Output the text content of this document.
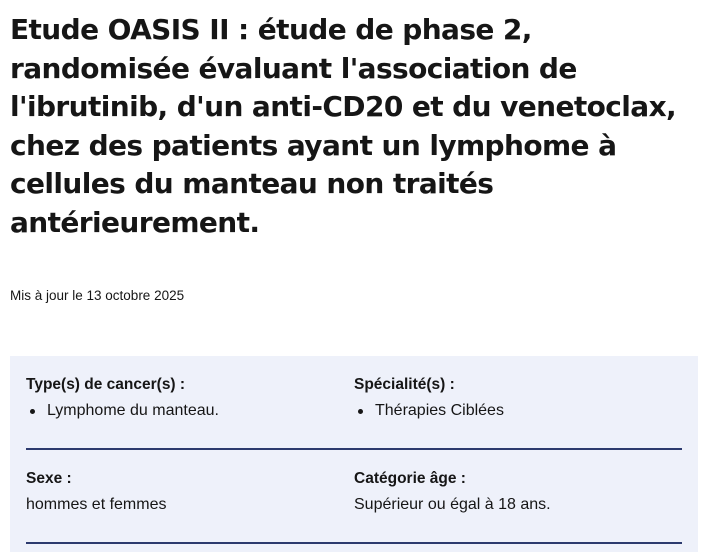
Etude OASIS II : étude de phase 2, randomisée évaluant l'association de l'ibrutinib, d'un anti-CD20 et du venetoclax, chez des patients ayant un lymphome à cellules du manteau non traités antérieurement.

Mis à jour le 13 octobre 2025

Type(s) de cancer(s) :

Lymphome du manteau.

Spécialité(s) :

Thérapies Ciblées

Sexe :

hommes et femmes

Catégorie âge :

Supérieur ou égal à 18 ans.
